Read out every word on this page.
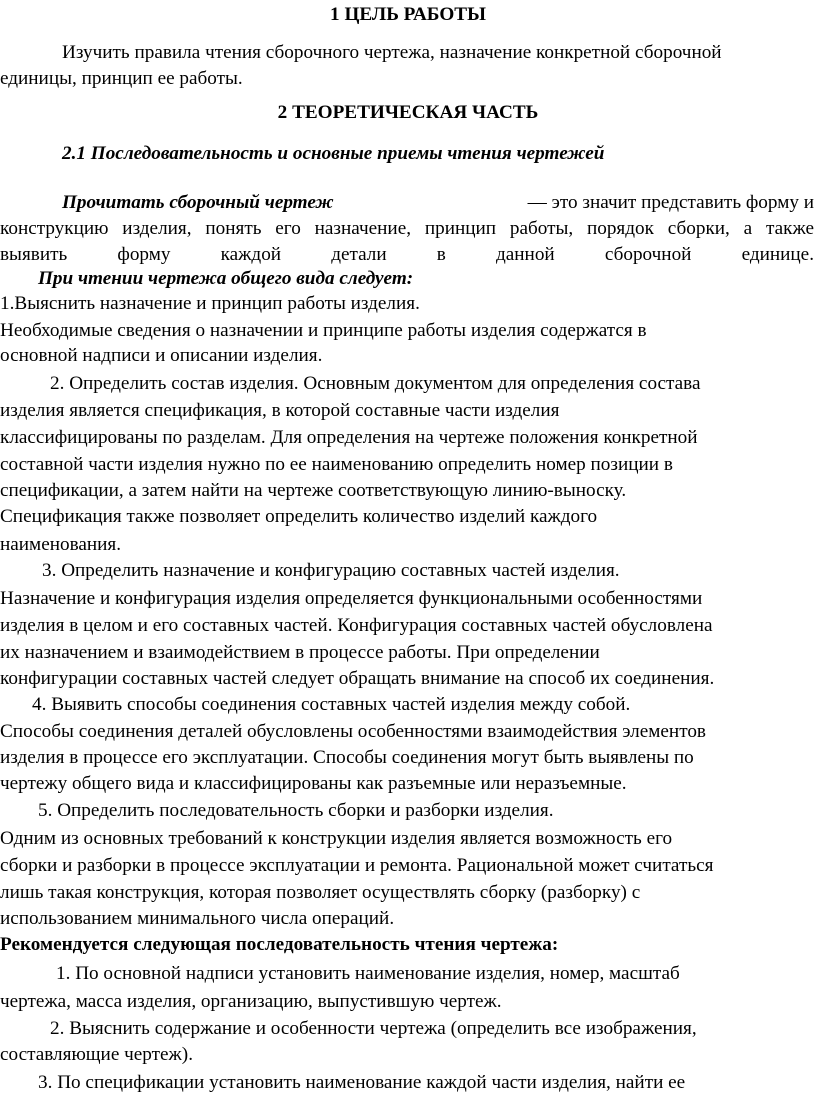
1 ЦЕЛЬ РАБОТЫ
Изучить правила чтения сборочного чертежа, назначение конкретной сборочной
единицы, принцип ее работы.
2 ТЕОРЕТИЧЕСКАЯ ЧАСТЬ
2.1 Последовательность и основные приемы чтения чертежей
Прочитать сборочный чертеж	— это значит представить форму и
конструкцию изделия, понять его назначение, принцип работы, порядок сборки, а также
выявить форму каждой детали в данной сборочной единице.
При чтении чертежа общего вида следует:
1.Выяснить назначение и принцип работы изделия.
Необходимые сведения о назначении и принципе работы изделия содержатся в
основной надписи и описании изделия.
2. Определить состав изделия. Основным документом для определения состава
изделия является спецификация, в которой составные части изделия
классифицированы по разделам. Для определения на чертеже положения конкретной
составной части изделия нужно по ее наименованию определить номер позиции в
спецификации, а затем найти на чертеже соответствующую линию-выноску.
Спецификация также позволяет определить количество изделий каждого
наименования.
3. Определить назначение и конфигурацию составных частей изделия.
Назначение и конфигурация изделия определяется функциональными особенностями
изделия в целом и его составных частей. Конфигурация составных частей обусловлена
их назначением и взаимодействием в процессе работы. При определении
конфигурации составных частей следует обращать внимание на способ их соединения.
4. Выявить способы соединения составных частей изделия между собой.
Способы соединения деталей обусловлены особенностями взаимодействия элементов
изделия в процессе его эксплуатации. Способы соединения могут быть выявлены по
чертежу общего вида и классифицированы как разъемные или неразъемные.
5. Определить последовательность сборки и разборки изделия.
Одним из основных требований к конструкции изделия является возможность его
сборки и разборки в процессе эксплуатации и ремонта. Рациональной может считаться
лишь такая конструкция, которая позволяет осуществлять сборку (разборку) с
использованием минимального числа операций.
Рекомендуется следующая последовательность чтения чертежа:
1. По основной надписи установить наименование изделия, номер, масштаб
чертежа, масса изделия, организацию, выпустившую чертеж.
2. Выяснить содержание и особенности чертежа (определить все изображения,
составляющие чертеж).
3. По спецификации установить наименование каждой части изделия, найти ее
